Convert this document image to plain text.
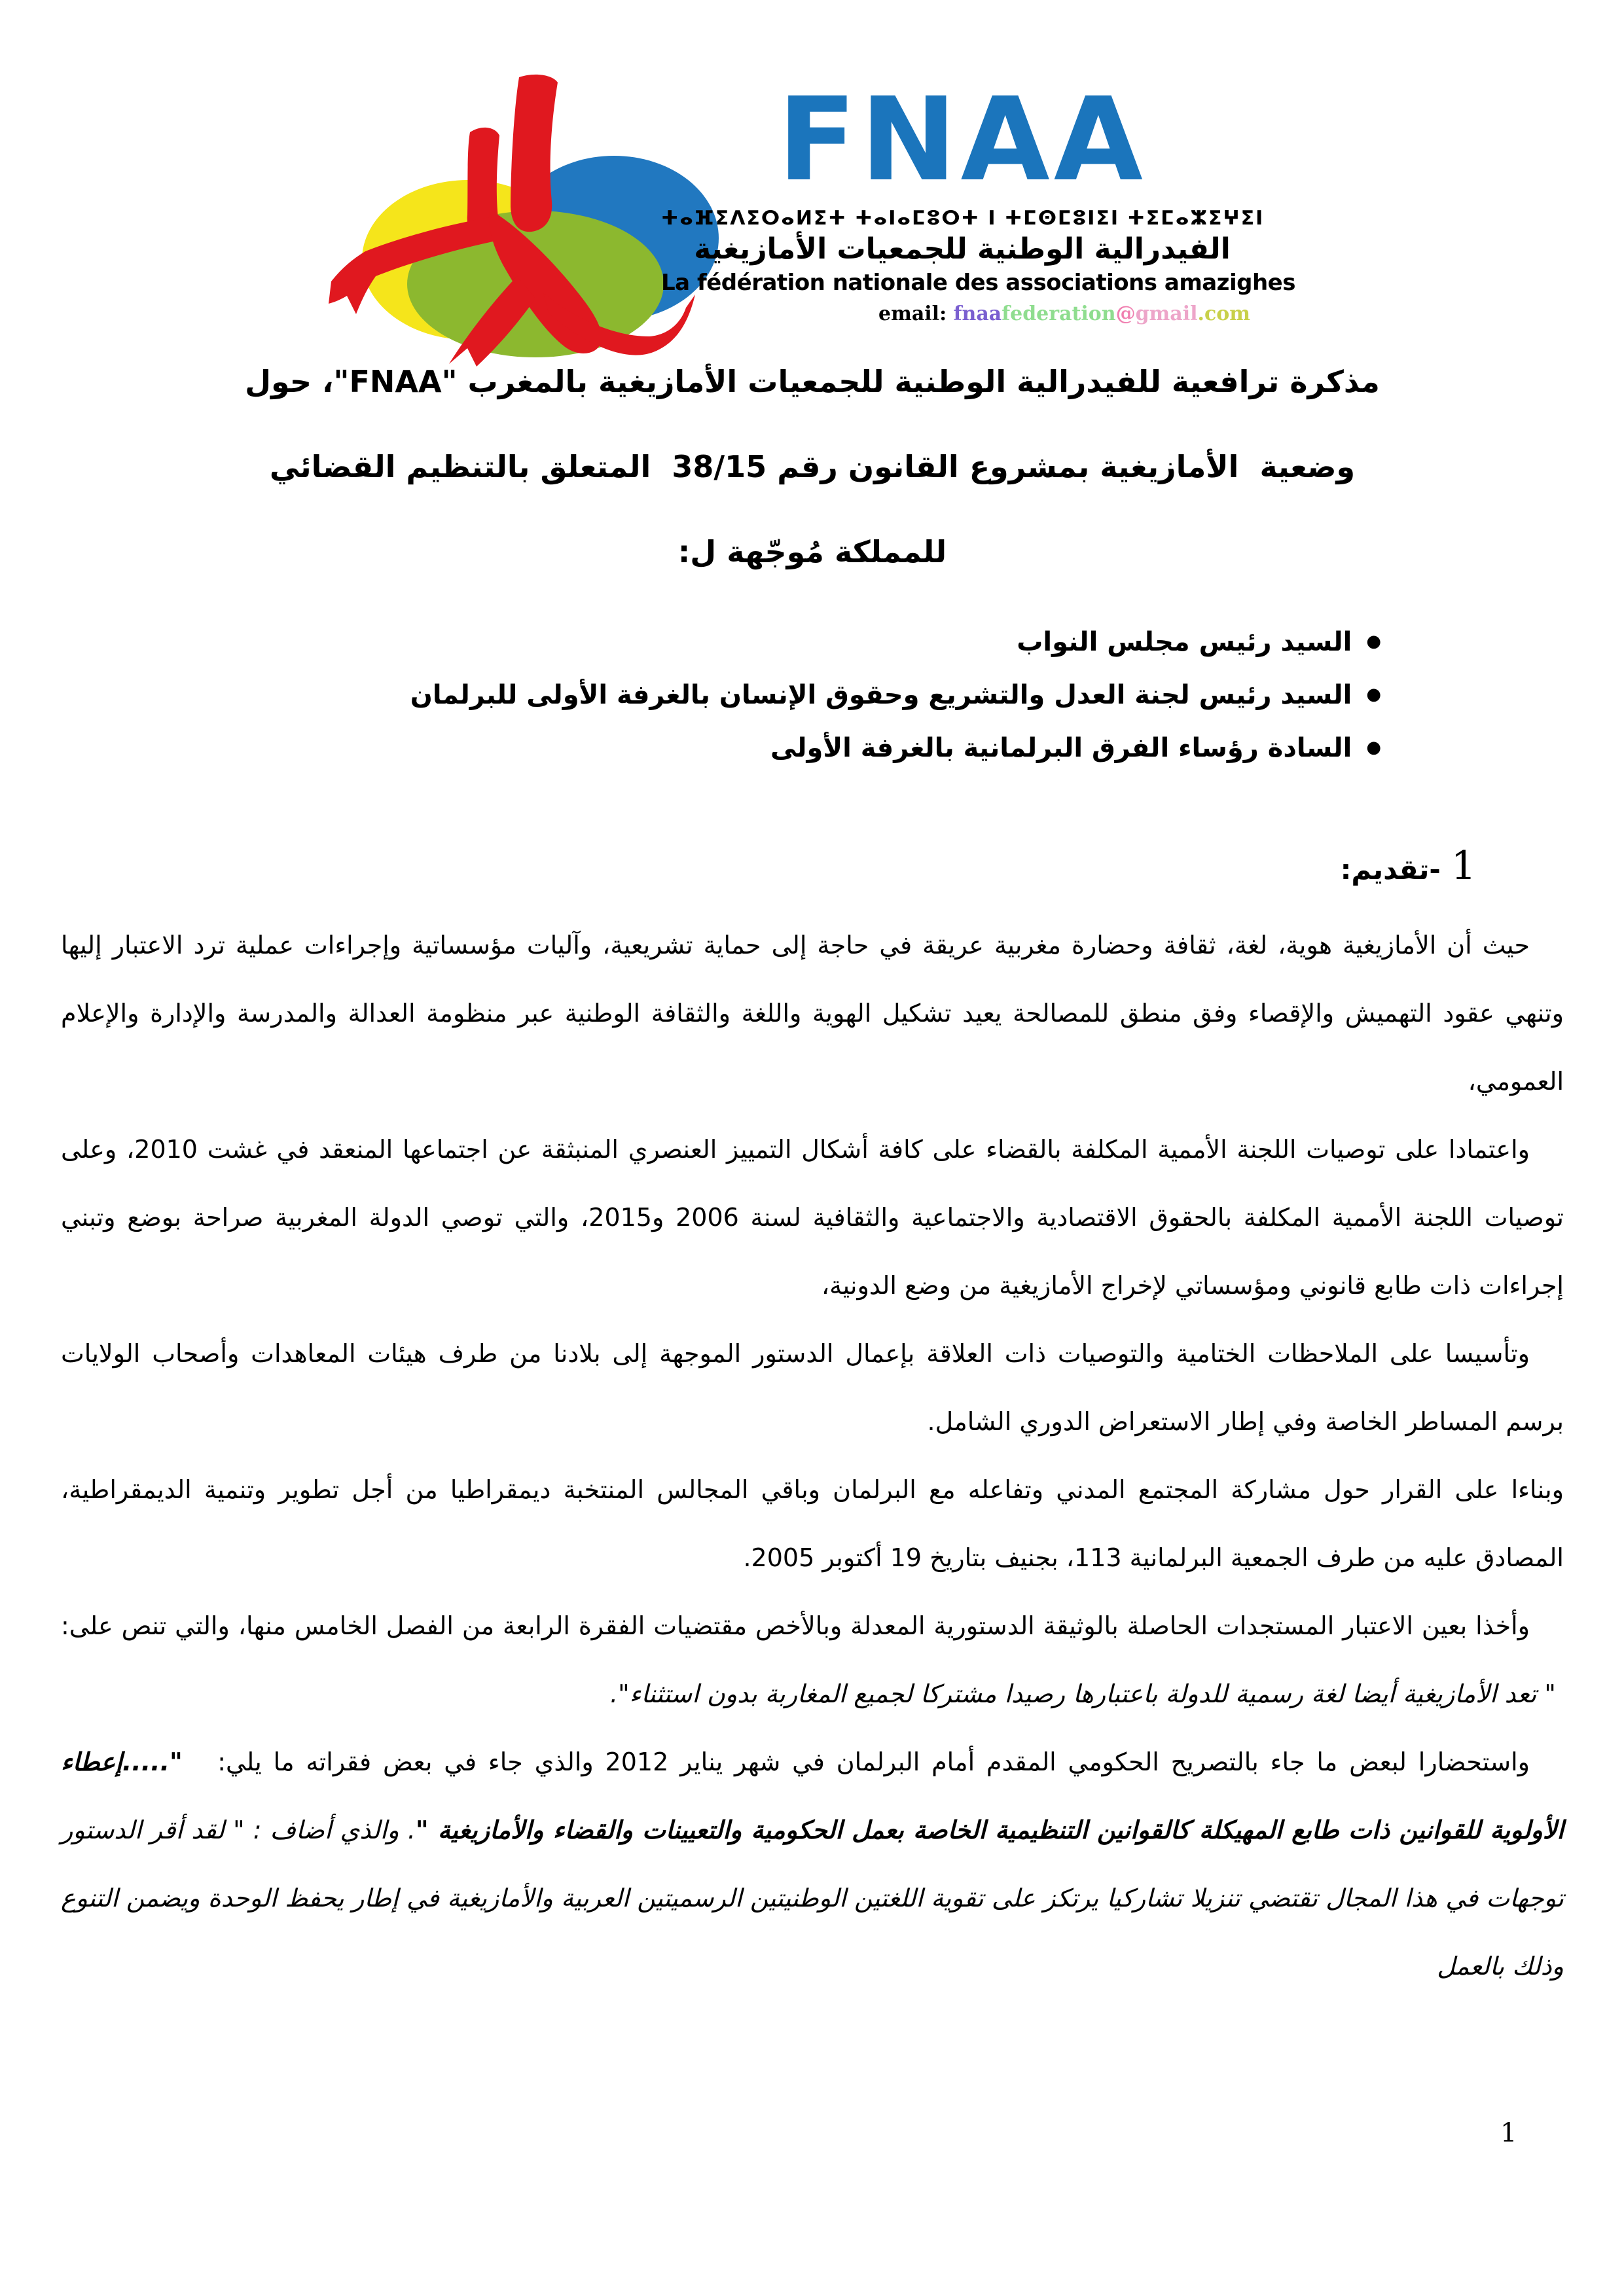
FNAA
ⵜⴰⴼⵉⴷⵉⵔⴰⵍⵉⵜ ⵜⴰⵏⴰⵎⵓⵔⵜ ⵏ ⵜⵎⵙⵎⵓⵏⵉⵏ ⵜⵉⵎⴰⵣⵉⵖⵉⵏ
الفيدرالية الوطنية للجمعيات الأمازيغية
La fédération nationale des associations amazighes
email: fnaafederation@gmail.com
مذكرة ترافعية للفيدرالية الوطنية للجمعيات الأمازيغية بالمغرب "FNAA"، حول
وضعية  الأمازيغية بمشروع القانون رقم 38/15  المتعلق بالتنظيم القضائي
للمملكة مُوجّهة ل:
●السيد رئيس مجلس النواب
●السيد رئيس لجنة العدل والتشريع وحقوق الإنسان بالغرفة الأولى للبرلمان
●السادة رؤساء الفرق البرلمانية بالغرفة الأولى
1-تقديم:

حيث أن الأمازيغية هوية، لغة، ثقافة وحضارة مغربية عريقة في حاجة إلى حماية تشريعية، وآليات مؤسساتية وإجراءات عملية ترد الاعتبار إليها وتنهي عقود التهميش والإقصاء وفق منطق للمصالحة يعيد تشكيل الهوية واللغة والثقافة الوطنية عبر منظومة العدالة والمدرسة والإدارة والإعلام العمومي،

واعتمادا على توصيات اللجنة الأممية المكلفة بالقضاء على كافة أشكال التمييز العنصري المنبثقة عن اجتماعها المنعقد في غشت 2010، وعلى توصيات اللجنة الأممية المكلفة بالحقوق الاقتصادية والاجتماعية والثقافية لسنة 2006 و2015، والتي توصي الدولة المغربية صراحة بوضع وتبني إجراءات ذات طابع قانوني ومؤسساتي لإخراج الأمازيغية من وضع الدونية،

وتأسيسا على الملاحظات الختامية والتوصيات ذات العلاقة بإعمال الدستور الموجهة إلى بلادنا من طرف هيئات المعاهدات وأصحاب الولايات برسم المساطر الخاصة وفي إطار الاستعراض الدوري الشامل.

وبناءا على القرار حول مشاركة المجتمع المدني وتفاعله مع البرلمان وباقي المجالس المنتخبة ديمقراطيا من أجل تطوير وتنمية الديمقراطية، المصادق عليه من طرف الجمعية البرلمانية 113، بجنيف بتاريخ 19 أكتوبر 2005.

وأخذا بعين الاعتبار المستجدات الحاصلة بالوثيقة الدستورية المعدلة وبالأخص مقتضيات الفقرة الرابعة من الفصل الخامس منها، والتي تنص على:  " تعد الأمازيغية أيضا لغة رسمية للدولة باعتبارها رصيدا مشتركا لجميع المغاربة بدون استثناء".

واستحضارا لبعض ما جاء بالتصريح الحكومي المقدم أمام البرلمان في شهر يناير 2012 والذي جاء في بعض فقراته ما يلي:   ".....إعطاء الأولوية للقوانين ذات طابع المهيكلة كالقوانين التنظيمية الخاصة بعمل الحكومية والتعيينات والقضاء والأمازيغية ". والذي أضاف : " لقد أقر الدستور توجهات في هذا المجال تقتضي تنزيلا تشاركيا يرتكز على تقوية اللغتين الوطنيتين الرسميتين العربية والأمازيغية في إطار يحفظ الوحدة ويضمن التنوع وذلك بالعمل

1
